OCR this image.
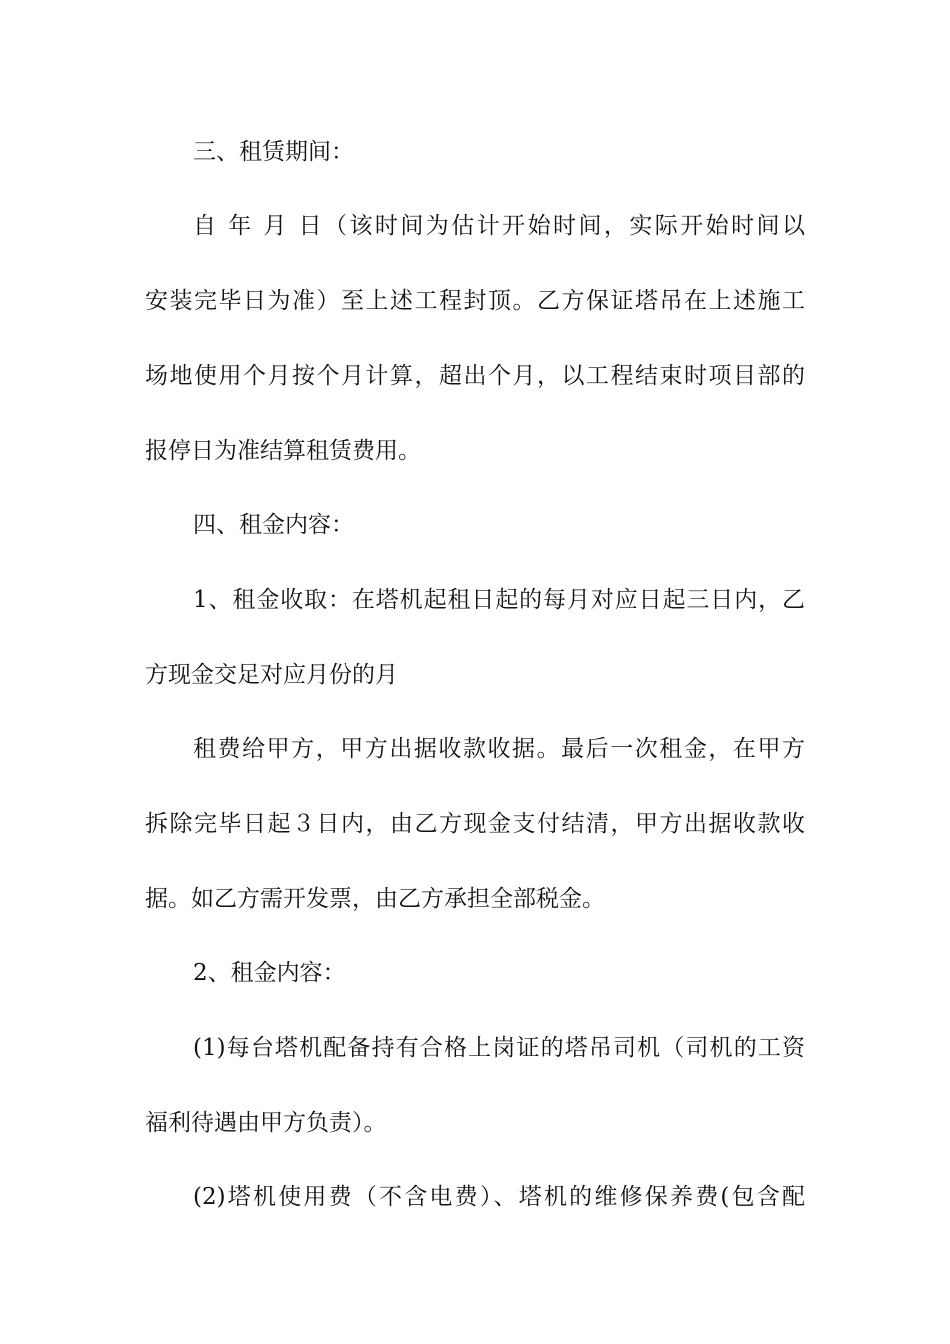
三、租赁期间：
自 年 月 日（该时间为估计开始时间，实际开始时间以
安装完毕日为准）至上述工程封顶。乙方保证塔吊在上述施工
场地使用个月按个月计算，超出个月，以工程结束时项目部的
报停日为准结算租赁费用。
四、租金内容：
1、租金收取：在塔机起租日起的每月对应日起三日内，乙
方现金交足对应月份的月
租费给甲方，甲方出据收款收据。最后一次租金，在甲方
拆除完毕日起３日内，由乙方现金支付结清，甲方出据收款收
据。如乙方需开发票，由乙方承担全部税金。
2、租金内容：
(1)每台塔机配备持有合格上岗证的塔吊司机（司机的工资
福利待遇由甲方负责）。
(2)塔机使用费（不含电费）、塔机的维修保养费(包含配
